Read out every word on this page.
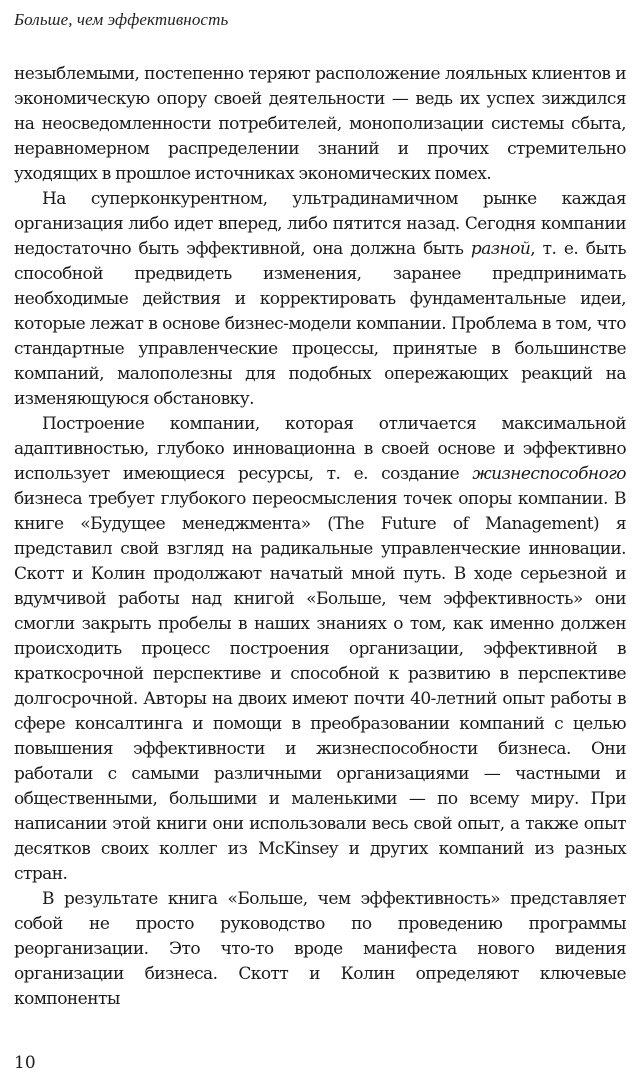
Больше, чем эффективность

незыблемыми, постепенно теряют расположение лояльных клиентов и экономическую опору своей деятельности — ведь их успех зиждился на неосведомленности потребителей, монополизации системы сбыта, неравномерном распределении знаний и прочих стремительно уходящих в прошлое источниках экономических помех.

На суперконкурентном, ультрадинамичном рынке каждая организация либо идет вперед, либо пятится назад. Сегодня компании недостаточно быть эффективной, она должна быть разной, т. е. быть способной предвидеть изменения, заранее предпринимать необходимые действия и корректировать фундаментальные идеи, которые лежат в основе бизнес-модели компании. Проблема в том, что стандартные управленческие процессы, принятые в большинстве компаний, малополезны для подобных опережающих реакций на изменяющуюся обстановку.

Построение компании, которая отличается максимальной адаптивностью, глубоко инновационна в своей основе и эффективно использует имеющиеся ресурсы, т. е. создание жизнеспособного бизнеса требует глубокого переосмысления точек опоры компании. В книге «Будущее менеджмента» (The Future of Management) я представил свой взгляд на радикальные управленческие инновации. Скотт и Колин продолжают начатый мной путь. В ходе серьезной и вдумчивой работы над книгой «Больше, чем эффективность» они смогли закрыть пробелы в наших знаниях о том, как именно должен происходить процесс построения организации, эффективной в краткосрочной перспективе и способной к развитию в перспективе долгосрочной. Авторы на двоих имеют почти 40-летний опыт работы в сфере консалтинга и помощи в преобразовании компаний с целью повышения эффективности и жизнеспособности бизнеса. Они работали с самыми различными организациями — частными и общественными, большими и маленькими — по всему миру. При написании этой книги они использовали весь свой опыт, а также опыт десятков своих коллег из McKinsey и других компаний из разных стран.

В результате книга «Больше, чем эффективность» представляет собой не просто руководство по проведению программы реорганизации. Это что-то вроде манифеста нового видения организации бизнеса. Скотт и Колин определяют ключевые компоненты

10
